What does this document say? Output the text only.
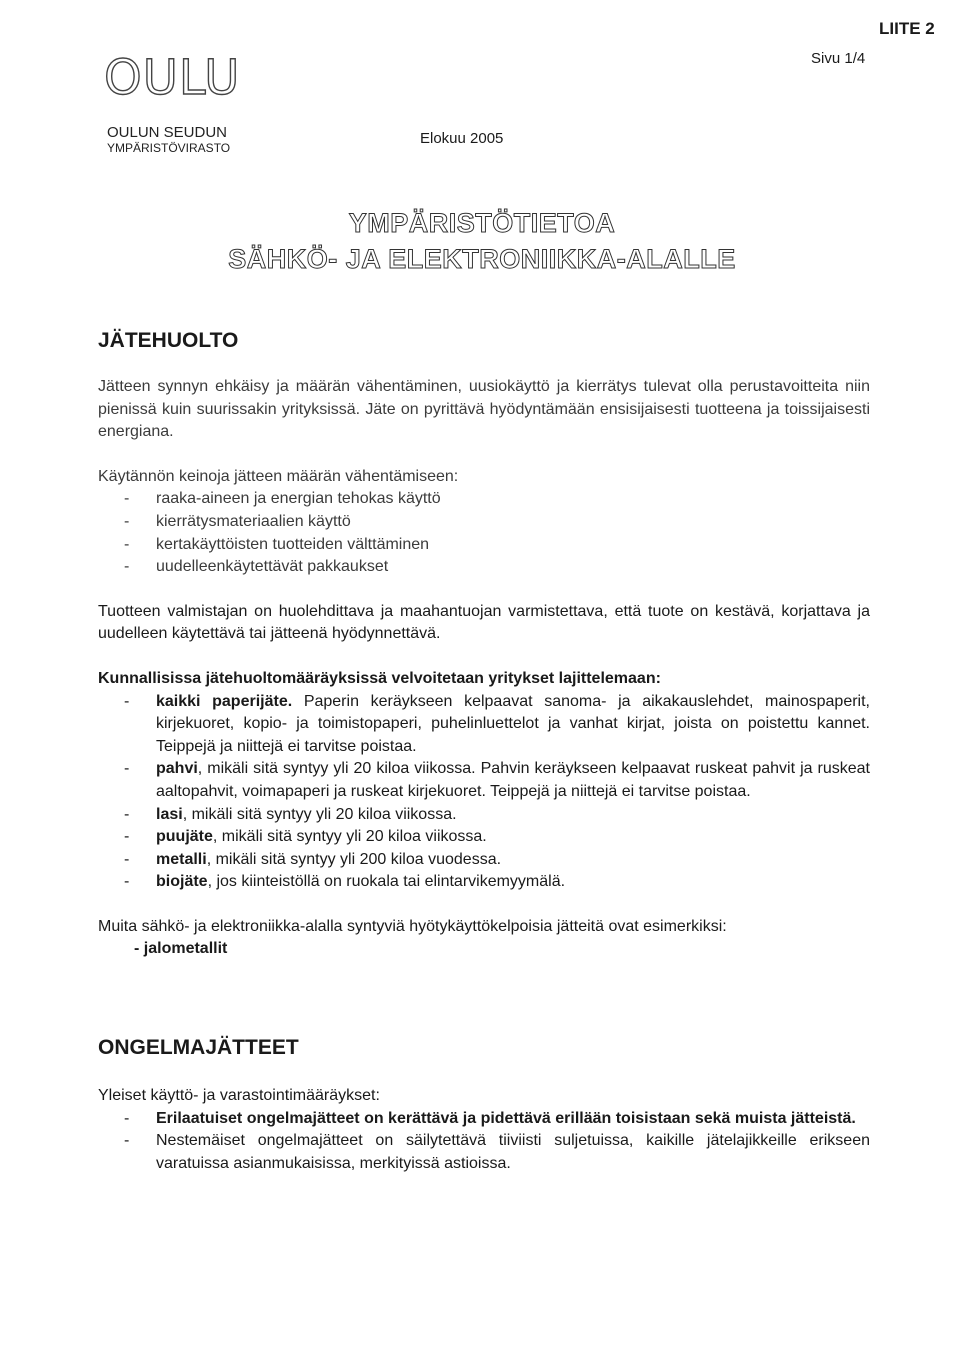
OULU
OULUN SEUDUN
YMPÄRISTÖVIRASTO
Elokuu 2005
Sivu 1/4
LIITE 2
YMPÄRISTÖTIETOA
SÄHKÖ- JA ELEKTRONIIKKA-ALALLE
JÄTEHUOLTO

Jätteen synnyn ehkäisy ja määrän vähentäminen, uusiokäyttö ja kierrätys tulevat olla perustavoitteita niin pienissä kuin suurissakin yrityksissä. Jäte on pyrittävä hyödyntämään ensisijaisesti tuotteena ja toissijaisesti energiana.

Käytännön keinoja jätteen määrän vähentämiseen:
- raaka-aineen ja energian tehokas käyttö
- kierrätysmateriaalien käyttö
- kertakäyttöisten tuotteiden välttäminen
- uudelleenkäytettävät pakkaukset

Tuotteen valmistajan on huolehdittava ja maahantuojan varmistettava, että tuote on kestävä, korjattava ja uudelleen käytettävä tai jätteenä hyödynnettävä.

Kunnallisissa jätehuoltomääräyksissä velvoitetaan yritykset lajittelemaan:
- kaikki paperijäte. Paperin keräykseen kelpaavat sanoma- ja aikakauslehdet, mainospaperit, kirjekuoret, kopio- ja toimistopaperi, puhelinluettelot ja vanhat kirjat, joista on poistettu kannet. Teippejä ja niittejä ei tarvitse poistaa.
- pahvi, mikäli sitä syntyy yli 20 kiloa viikossa. Pahvin keräykseen kelpaavat ruskeat pahvit ja ruskeat aaltopahvit, voimapaperi ja ruskeat kirjekuoret. Teippejä ja niittejä ei tarvitse poistaa.
- lasi, mikäli sitä syntyy yli 20 kiloa viikossa.
- puujäte, mikäli sitä syntyy yli 20 kiloa viikossa.
- metalli, mikäli sitä syntyy yli 200 kiloa vuodessa.
- biojäte, jos kiinteistöllä on ruokala tai elintarvikemyymälä.

Muita sähkö- ja elektroniikka-alalla syntyviä hyötykäyttökelpoisia jätteitä ovat esimerkiksi:

- jalometallit
ONGELMAJÄTTEET
Yleiset käyttö- ja varastointimääräykset:
- Erilaatuiset ongelmajätteet on kerättävä ja pidettävä erillään toisistaan sekä muista jätteistä.
- Nestemäiset ongelmajätteet on säilytettävä tiiviisti suljetuissa, kaikille jätelajikkeille erikseen varatuissa asianmukaisissa, merkityissä astioissa.
